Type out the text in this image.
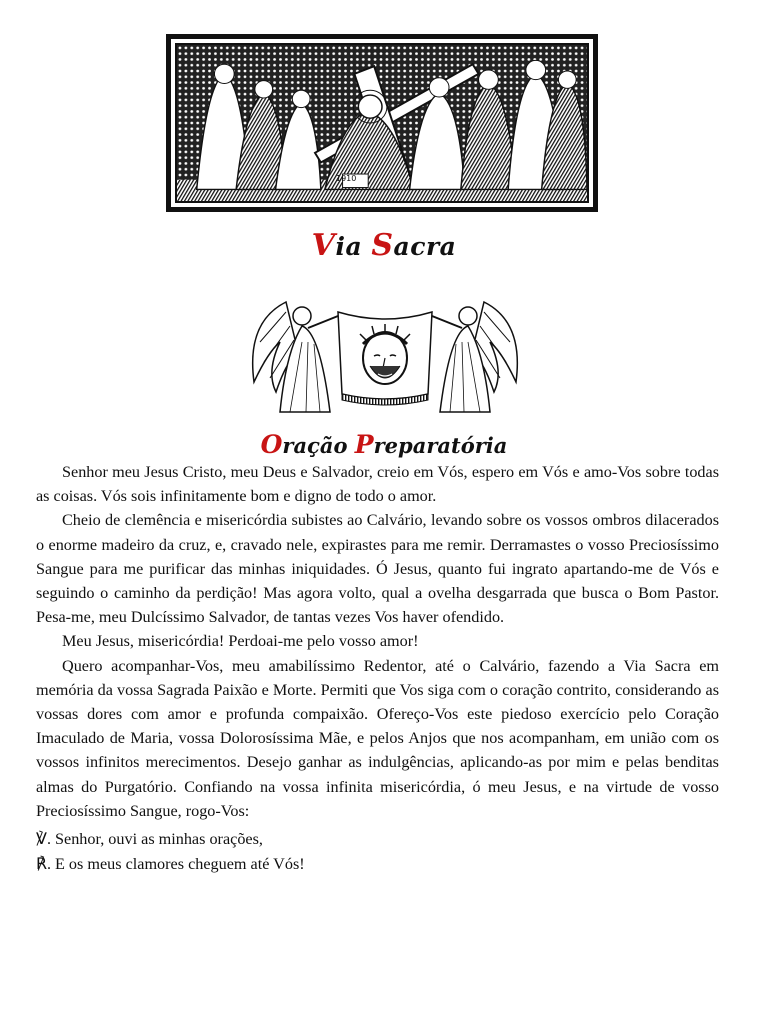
1910
Via Sacra
Oração Preparatória

Senhor meu Jesus Cristo, meu Deus e Salvador, creio em Vós, espero em Vós e amo-Vos sobre todas as coisas. Vós sois infinitamente bom e digno de todo o amor.

Cheio de clemência e misericórdia subistes ao Calvário, levando sobre os vossos ombros dilacerados o enorme madeiro da cruz, e, cravado nele, expirastes para me remir. Derramastes o vosso Preciosíssimo Sangue para me purificar das minhas iniquidades. Ó Jesus, quanto fui ingrato apartando-me de Vós e seguindo o caminho da perdição! Mas agora volto, qual a ovelha desgarrada que busca o Bom Pastor. Pesa-me, meu Dulcíssimo Salvador, de tantas vezes Vos haver ofendido.

Meu Jesus, misericórdia! Perdoai-me pelo vosso amor!

Quero acompanhar-Vos, meu amabilíssimo Redentor, até o Calvário, fazendo a Via Sacra em memória da vossa Sagrada Paixão e Morte. Permiti que Vos siga com o coração contrito, considerando as vossas dores com amor e profunda compaixão. Ofereço-Vos este piedoso exercício pelo Coração Imaculado de Maria, vossa Dolorosíssima Mãe, e pelos Anjos que nos acompanham, em união com os vossos infinitos merecimentos. Desejo ganhar as indulgências, aplicando-as por mim e pelas benditas almas do Purgatório. Confiando na vossa infinita misericórdia, ó meu Jesus, e na virtude de vosso Preciosíssimo Sangue, rogo-Vos:

℣. Senhor, ouvi as minhas orações,

℟. E os meus clamores cheguem até Vós!
